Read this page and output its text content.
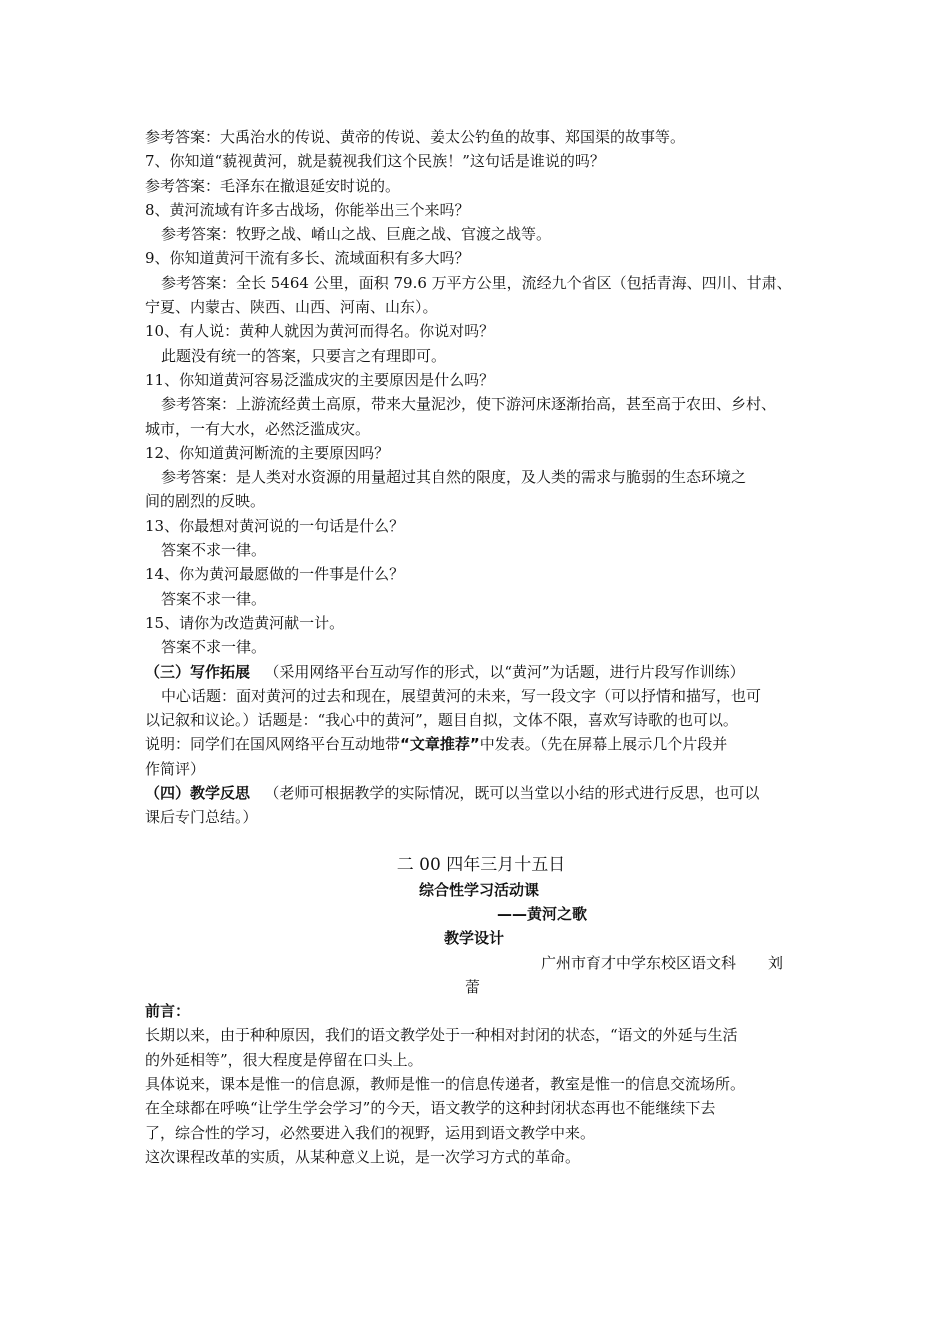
参考答案：大禹治水的传说、黄帝的传说、姜太公钓鱼的故事、郑国渠的故事等。
7、你知道“藐视黄河，就是藐视我们这个民族！”这句话是谁说的吗？
参考答案：毛泽东在撤退延安时说的。
8、黄河流域有许多古战场，你能举出三个来吗？
参考答案：牧野之战、崤山之战、巨鹿之战、官渡之战等。
9、你知道黄河干流有多长、流域面积有多大吗？
参考答案：全长 5464 公里，面积 79.6 万平方公里，流经九个省区（包括青海、四川、甘肃、
宁夏、内蒙古、陕西、山西、河南、山东）。
10、有人说：黄种人就因为黄河而得名。你说对吗？
此题没有统一的答案，只要言之有理即可。
11、你知道黄河容易泛滥成灾的主要原因是什么吗？
参考答案：上游流经黄土高原，带来大量泥沙，使下游河床逐渐抬高，甚至高于农田、乡村、
城市，一有大水，必然泛滥成灾。
12、你知道黄河断流的主要原因吗？
参考答案：是人类对水资源的用量超过其自然的限度，及人类的需求与脆弱的生态环境之
间的剧烈的反映。
13、你最想对黄河说的一句话是什么？
答案不求一律。
14、你为黄河最愿做的一件事是什么？
答案不求一律。
15、请你为改造黄河献一计。
答案不求一律。
（三）写作拓展 （采用网络平台互动写作的形式，以“黄河”为话题，进行片段写作训练）
中心话题：面对黄河的过去和现在，展望黄河的未来，写一段文字（可以抒情和描写，也可
以记叙和议论。）话题是：“我心中的黄河”，题目自拟，文体不限，喜欢写诗歌的也可以。
说明：同学们在国风网络平台互动地带“文章推荐”中发表。（先在屏幕上展示几个片段并
作简评）
（四）教学反思 （老师可根据教学的实际情况，既可以当堂以小结的形式进行反思，也可以
课后专门总结。）
二 00 四年三月十五日
综合性学习活动课
——黄河之歌
教学设计
广州市育才中学东校区语文科 刘
蕾
前言：
长期以来，由于种种原因，我们的语文教学处于一种相对封闭的状态，“语文的外延与生活
的外延相等”，很大程度是停留在口头上。
具体说来，课本是惟一的信息源，教师是惟一的信息传递者，教室是惟一的信息交流场所。
在全球都在呼唤“让学生学会学习”的今天，语文教学的这种封闭状态再也不能继续下去
了，综合性的学习，必然要进入我们的视野，运用到语文教学中来。
这次课程改革的实质，从某种意义上说，是一次学习方式的革命。
